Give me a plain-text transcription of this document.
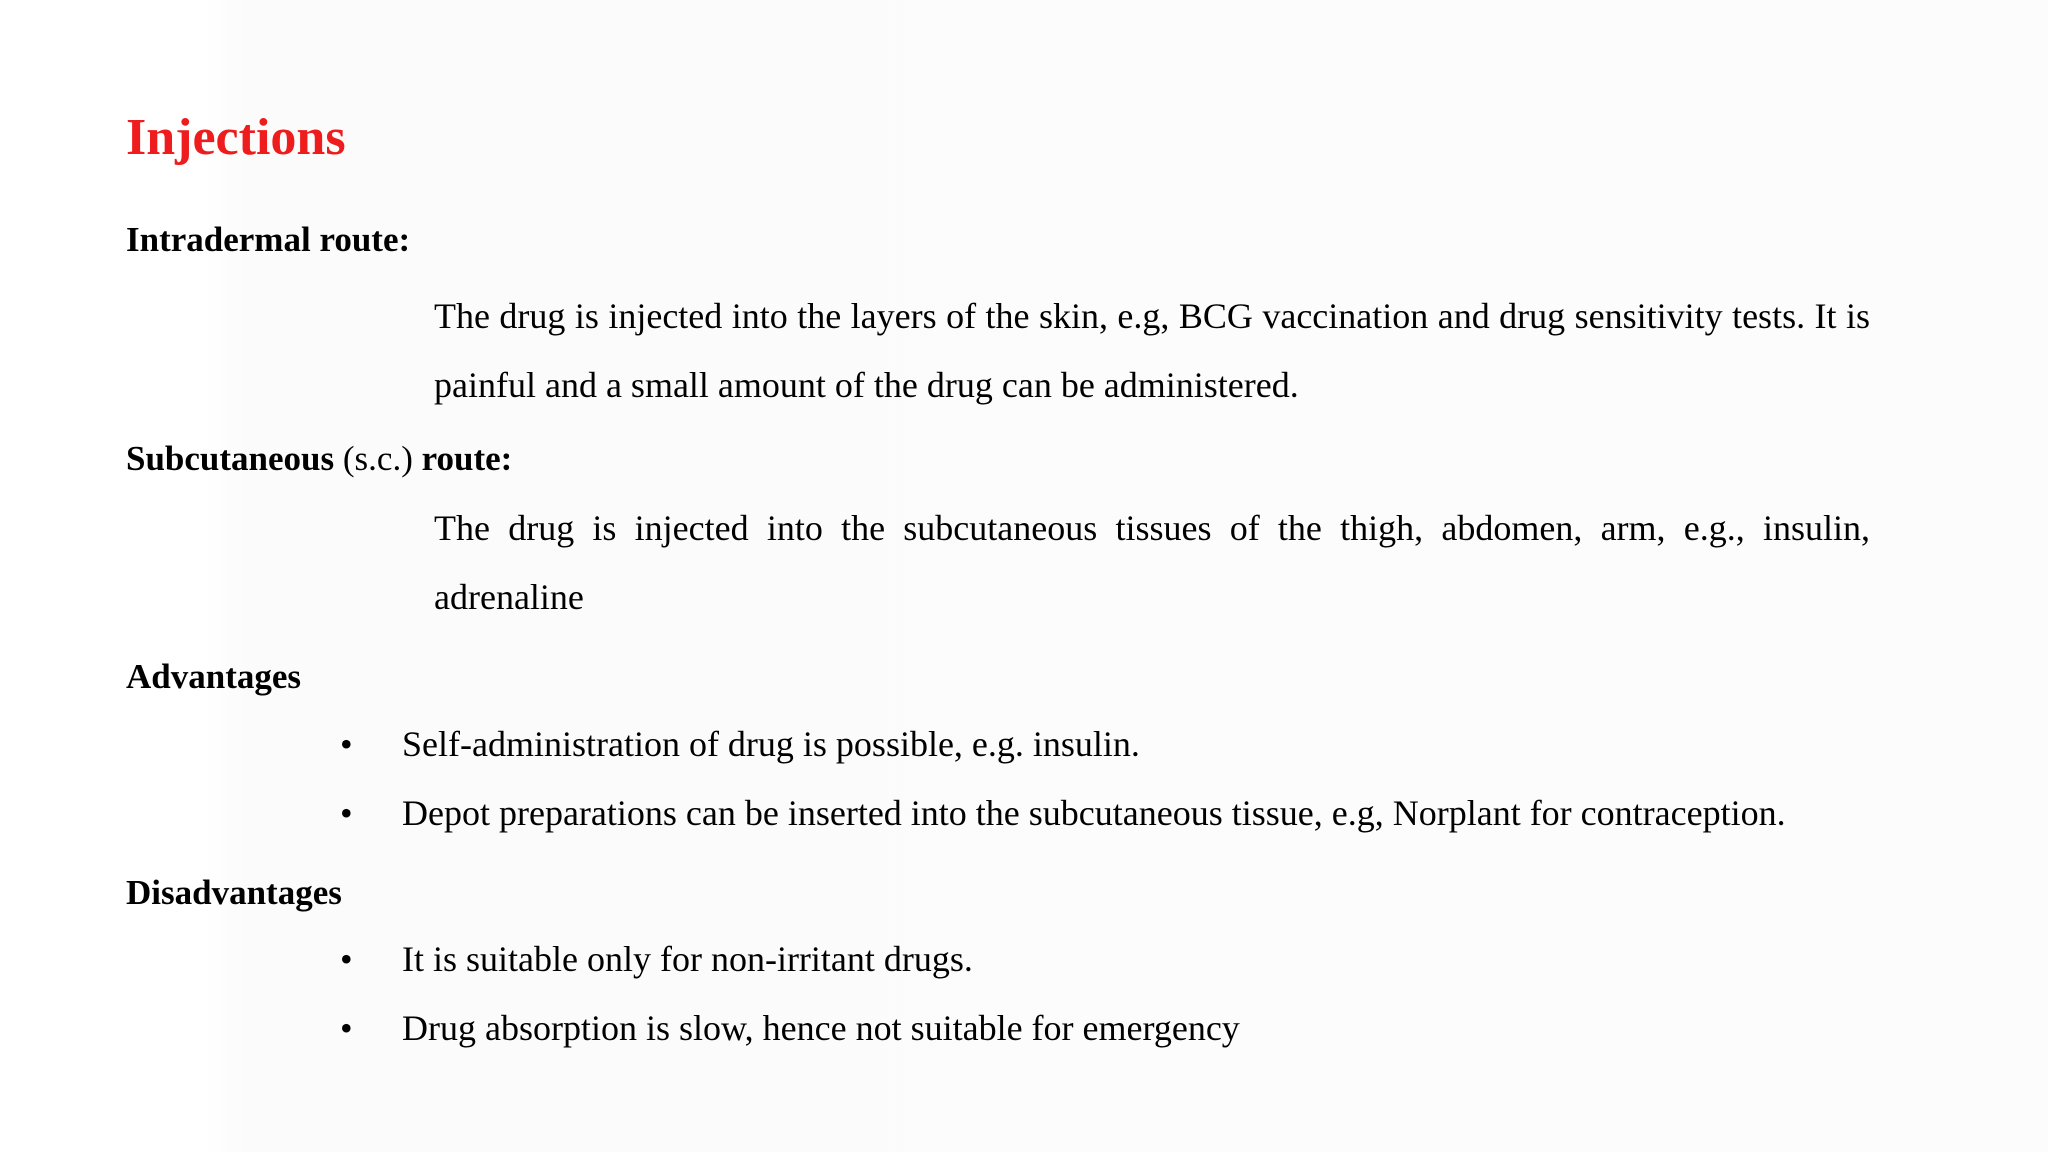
Injections
Intradermal route:
The drug is injected into the layers of the skin, e.g, BCG vaccination and drug sensitivity tests. It is painful and a small amount of the drug can be administered.
Subcutaneous (s.c.) route:
The drug is injected into the subcutaneous tissues of the thigh, abdomen, arm, e.g., insulin, adrenaline
Advantages
• Self-administration of drug is possible, e.g. insulin.
• Depot preparations can be inserted into the subcutaneous tissue, e.g, Norplant for contraception.
Disadvantages
• It is suitable only for non-irritant drugs.
• Drug absorption is slow, hence not suitable for emergency
